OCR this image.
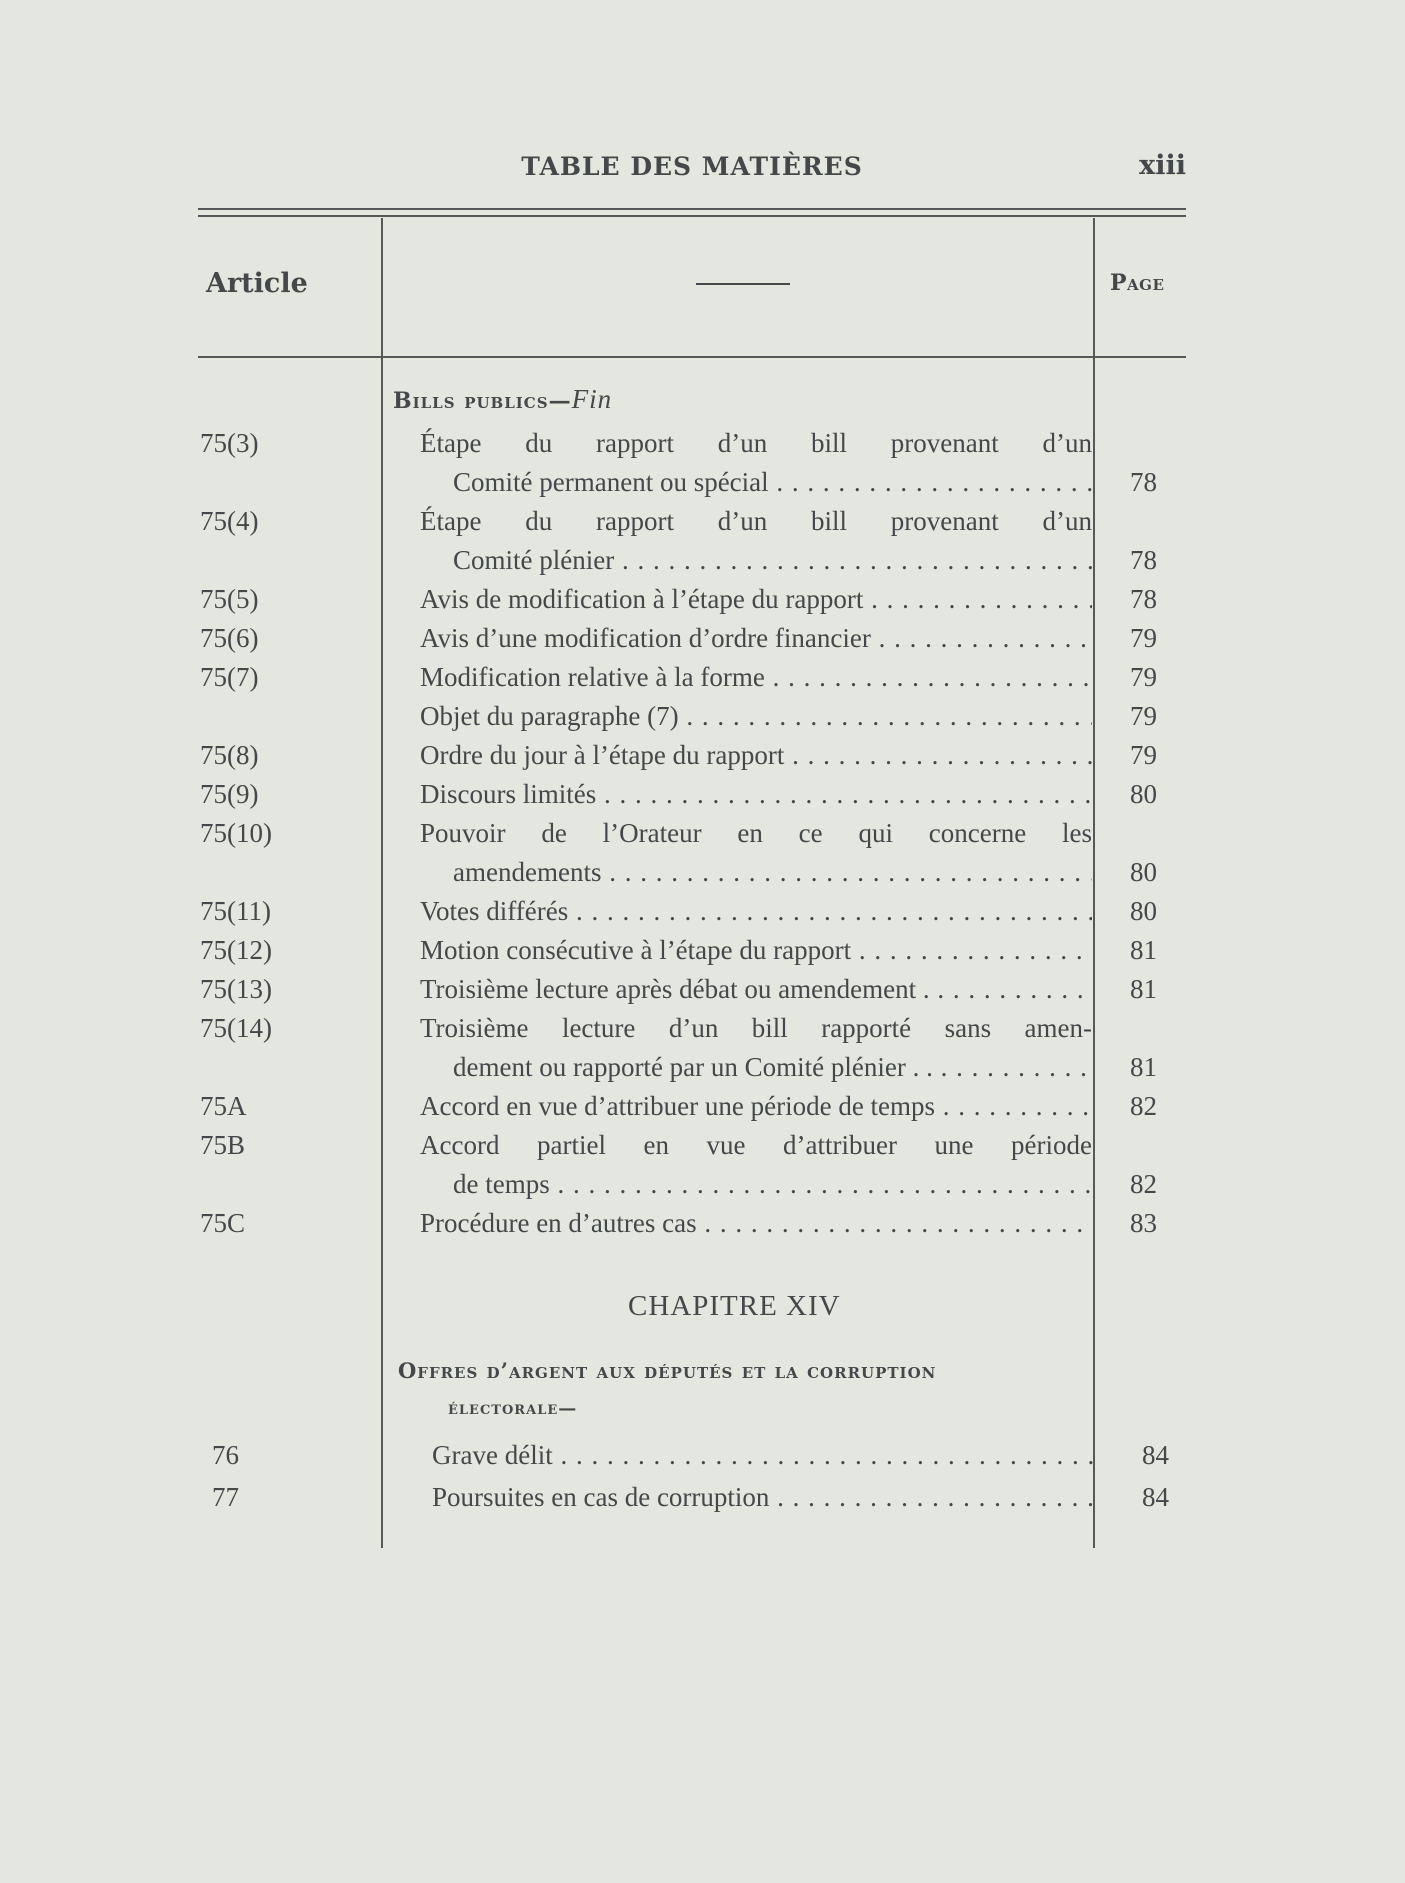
TABLE DES MATIÈRES	xiii
Article	Page
Bills publics—Fin
75(3)	Étape du rapport d’un bill provenant d’un
Comité permanent ou spécial . . .	78
75(4)	Étape du rapport d’un bill provenant d’un
Comité plénier . . .	78
75(5)	Avis de modification à l’étape du rapport . . .	78
75(6)	Avis d’une modification d’ordre financier . . .	79
75(7)	Modification relative à la forme . . .	79
Objet du paragraphe (7) . . .	79
75(8)	Ordre du jour à l’étape du rapport . . .	79
75(9)	Discours limités . . .	80
75(10)	Pouvoir de l’Orateur en ce qui concerne les
amendements . . .	80
75(11)	Votes différés . . .	80
75(12)	Motion consécutive à l’étape du rapport . . .	81
75(13)	Troisième lecture après débat ou amendement . . . .	81
75(14)	Troisième lecture d’un bill rapporté sans amen-
dement ou rapporté par un Comité plénier . . . . .	81
75A	Accord en vue d’attribuer une période de temps . . .	82
75B	Accord partiel en vue d’attribuer une période
de temps . . .	82
75C	Procédure en d’autres cas . . .	83
CHAPITRE XIV
Offres d’argent aux députés et la corruption
électorale—
76	Grave délit . . .	84
77	Poursuites en cas de corruption . . .	84
